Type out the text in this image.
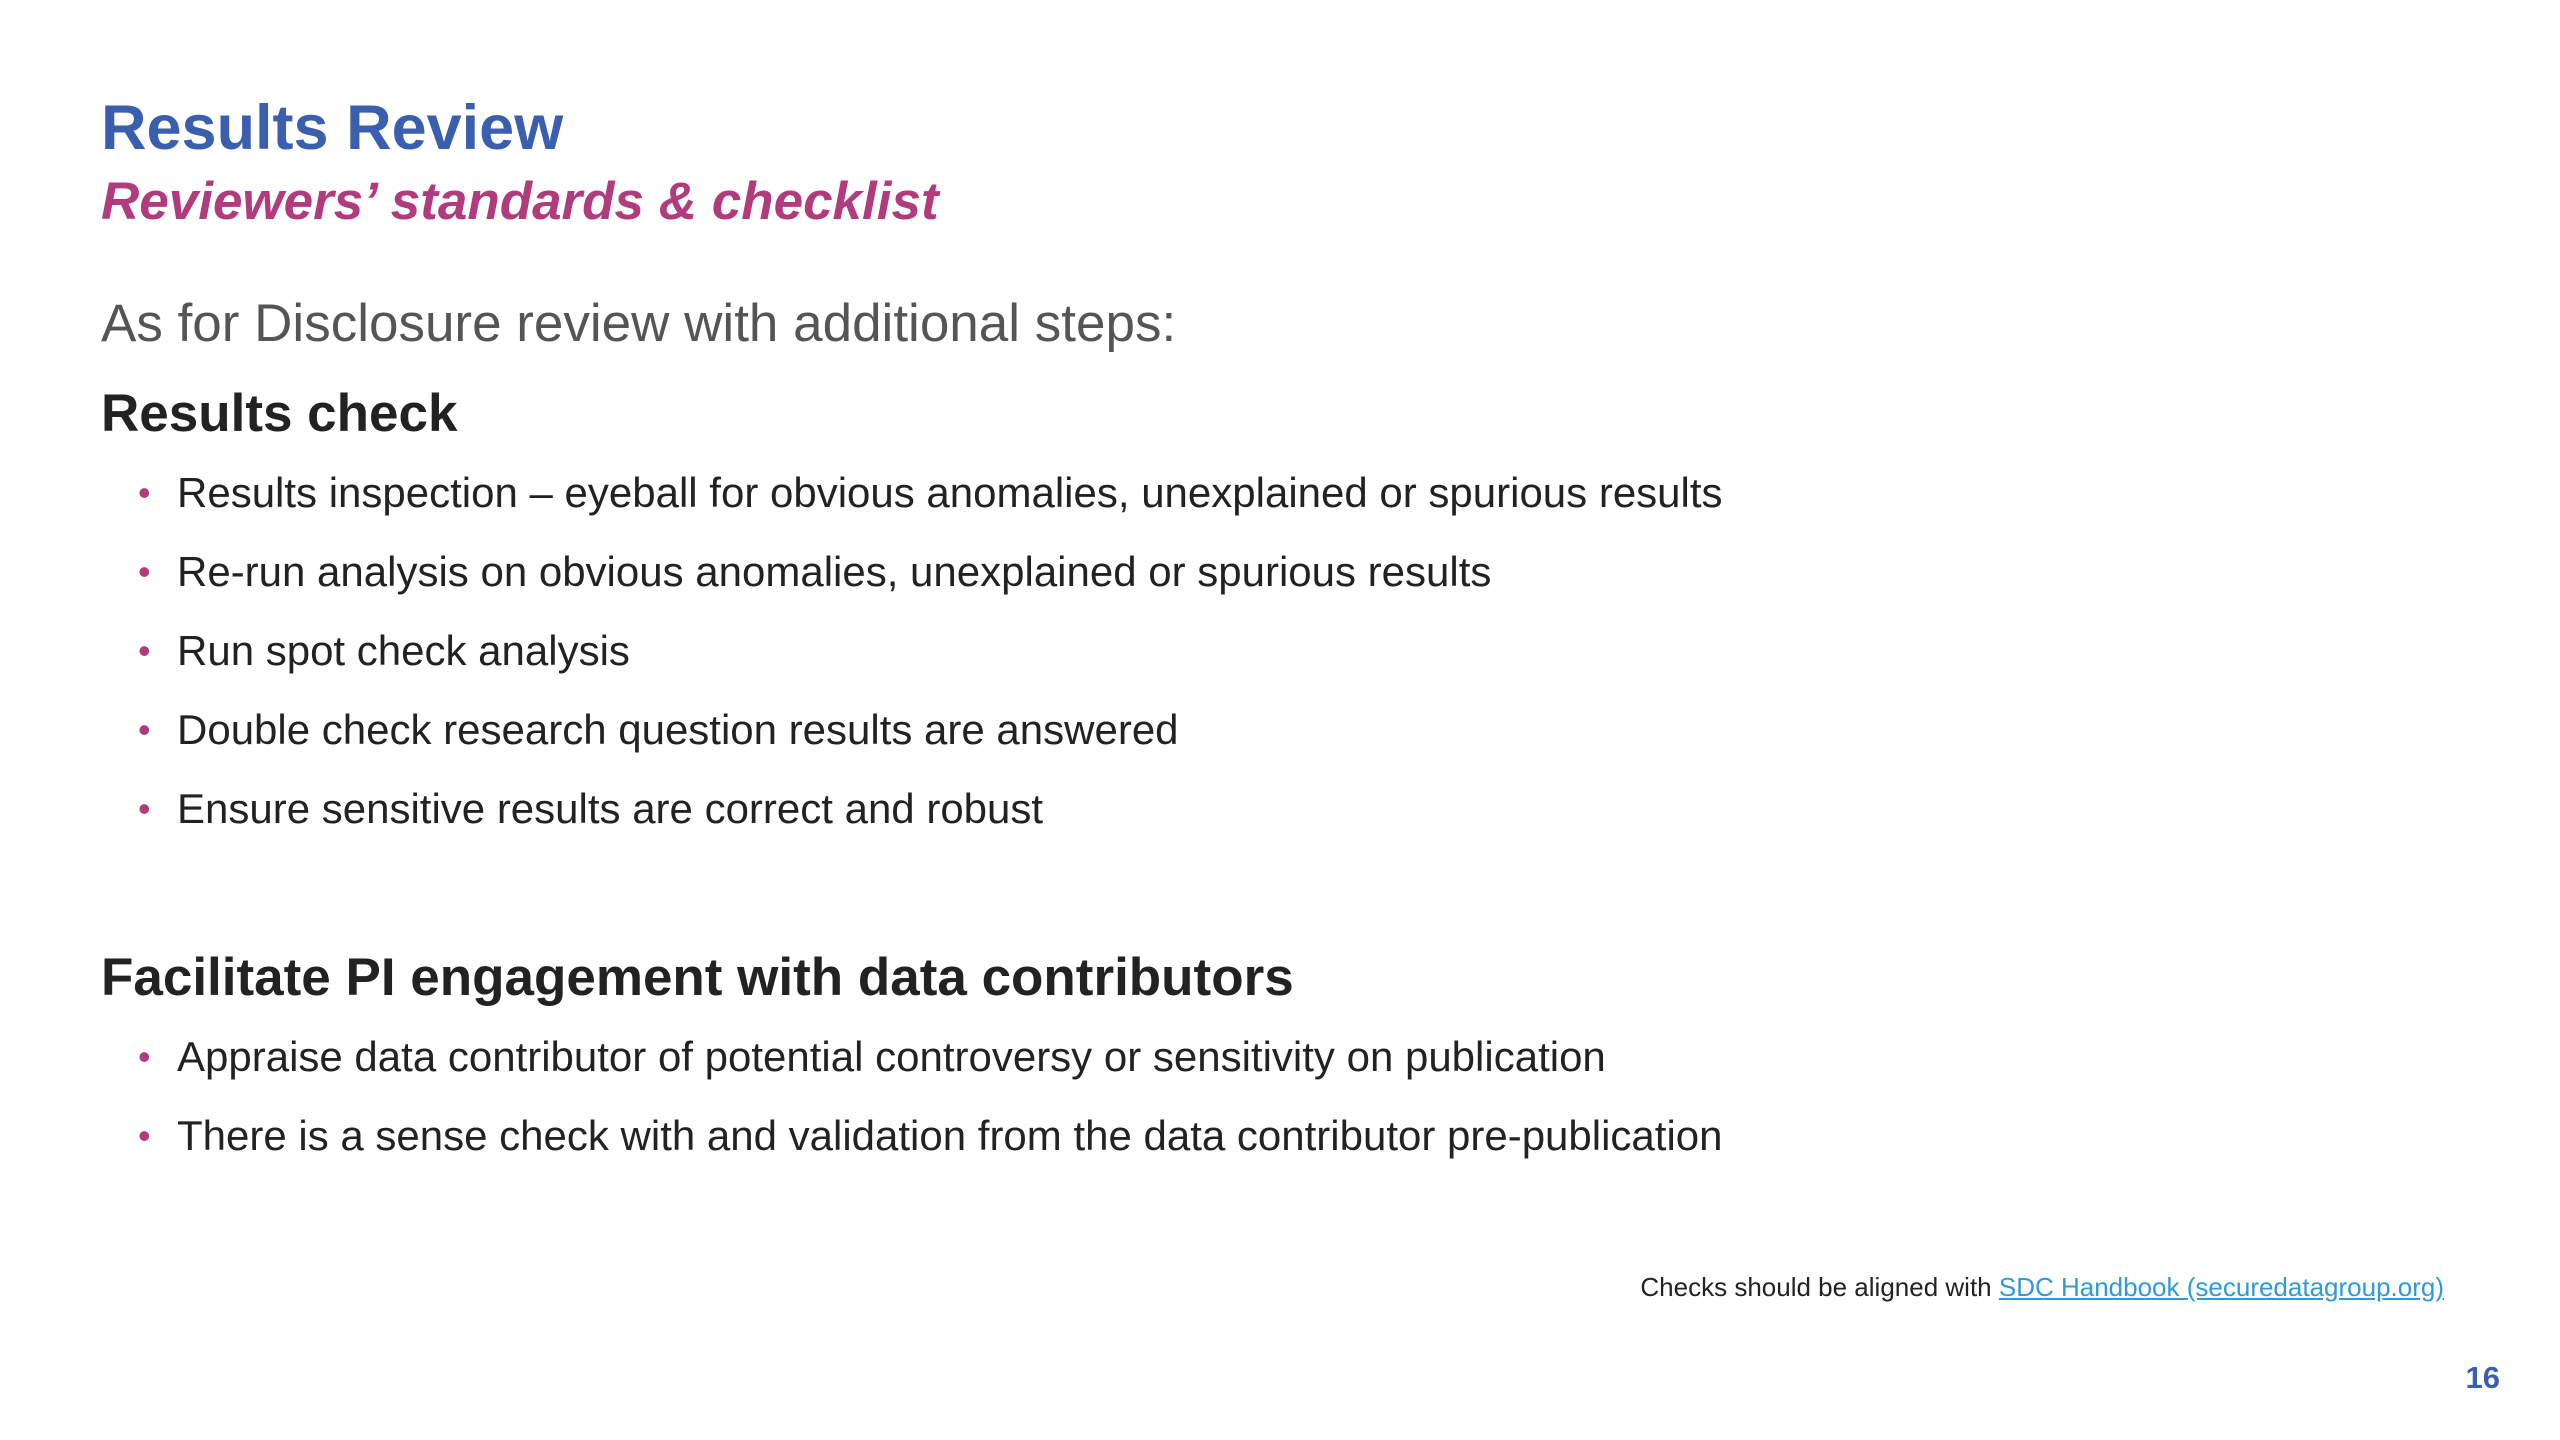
Results Review
Reviewers’ standards & checklist

As for Disclosure review with additional steps:

Results check
• Results inspection – eyeball for obvious anomalies, unexplained or spurious results
• Re-run analysis on obvious anomalies, unexplained or spurious results
• Run spot check analysis
• Double check research question results are answered
• Ensure sensitive results are correct and robust
Facilitate PI engagement with data contributors
• Appraise data contributor of potential controversy or sensitivity on publication
• There is a sense check with and validation from the data contributor pre-publication

Checks should be aligned with SDC Handbook (securedatagroup.org)

16
